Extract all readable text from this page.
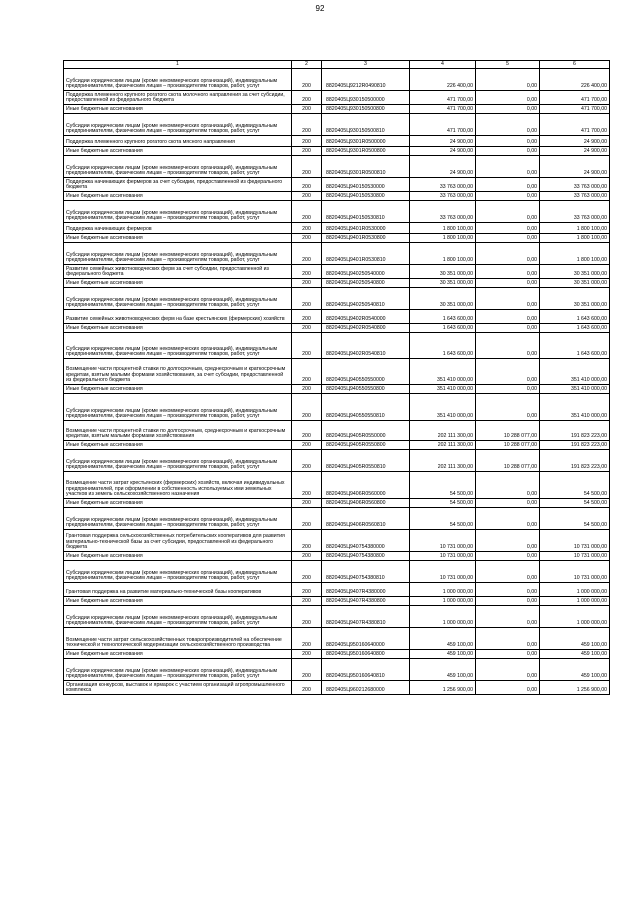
92
1	2	3	4	5	6
Субсидии юридическим лицам (кроме некоммерческих организаций), индивидуальным предпринимателям, физическим лицам – производителям товаров, работ, услуг	200	8820405Ц9212R0490810	226 400,00	0,00	226 400,00
Поддержка племенного крупного рогатого скота молочного направления за счет субсидии, предоставленной из федерального бюджета	200	8820405Ц930150500000	471 700,00	0,00	471 700,00
Иные бюджетные ассигнования	200	8820405Ц930150500800	471 700,00	0,00	471 700,00
Субсидии юридическим лицам (кроме некоммерческих организаций), индивидуальным предпринимателям, физическим лицам – производителям товаров, работ, услуг	200	8820405Ц930150500810	471 700,00	0,00	471 700,00
Поддержка племенного крупного рогатого скота мясного направления	200	8820405Ц9301R0500000	24 900,00	0,00	24 900,00
Иные бюджетные ассигнования	200	8820405Ц9301R0500800	24 900,00	0,00	24 900,00
Субсидии юридическим лицам (кроме некоммерческих организаций), индивидуальным предпринимателям, физическим лицам – производителям товаров, работ, услуг	200	8820405Ц9301R0500810	24 900,00	0,00	24 900,00
Поддержка начинающих фермеров за счет субсидии, предоставленной из федерального бюджета	200	8820405Ц940150530000	33 763 000,00	0,00	33 763 000,00
Иные бюджетные ассигнования	200	8820405Ц940150530800	33 763 000,00	0,00	33 763 000,00
Субсидии юридическим лицам (кроме некоммерческих организаций), индивидуальным предпринимателям, физическим лицам – производителям товаров, работ, услуг	200	8820405Ц940150530810	33 763 000,00	0,00	33 763 000,00
Поддержка начинающих фермеров	200	8820405Ц9401R0530000	1 800 100,00	0,00	1 800 100,00
Иные бюджетные ассигнования	200	8820405Ц9401R0530800	1 800 100,00	0,00	1 800 100,00
Субсидии юридическим лицам (кроме некоммерческих организаций), индивидуальным предпринимателям, физическим лицам – производителям товаров, работ, услуг	200	8820405Ц9401R0530810	1 800 100,00	0,00	1 800 100,00
Развитие семейных животноводческих ферм за счет субсидии, предоставленной из федерального бюджета	200	8820405Ц940250540000	30 351 000,00	0,00	30 351 000,00
Иные бюджетные ассигнования	200	8820405Ц940250540800	30 351 000,00	0,00	30 351 000,00
Субсидии юридическим лицам (кроме некоммерческих организаций), индивидуальным предпринимателям, физическим лицам – производителям товаров, работ, услуг	200	8820405Ц940250540810	30 351 000,00	0,00	30 351 000,00
Развитие семейных животноводческих ферм на базе крестьянских (фермерских) хозяйств	200	8820405Ц9402R0540000	1 643 600,00	0,00	1 643 600,00
Иные бюджетные ассигнования	200	8820405Ц9402R0540800	1 643 600,00	0,00	1 643 600,00
Субсидии юридическим лицам (кроме некоммерческих организаций), индивидуальным предпринимателям, физическим лицам – производителям товаров, работ, услуг	200	8820405Ц9402R0540810	1 643 600,00	0,00	1 643 600,00
Возмещение части процентной ставки по долгосрочным, среднесрочным и краткосрочным кредитам, взятым малыми формами хозяйствования, за счет субсидии, предоставленной из федерального бюджета	200	8820405Ц940550550000	351 410 000,00	0,00	351 410 000,00
Иные бюджетные ассигнования	200	8820405Ц940550550800	351 410 000,00	0,00	351 410 000,00
Субсидии юридическим лицам (кроме некоммерческих организаций), индивидуальным предпринимателям, физическим лицам – производителям товаров, работ, услуг	200	8820405Ц940550550810	351 410 000,00	0,00	351 410 000,00
Возмещение части процентной ставки по долгосрочным, среднесрочным и краткосрочным кредитам, взятым малыми формами хозяйствования	200	8820405Ц9405R0550000	202 111 300,00	10 288 077,00	191 823 223,00
Иные бюджетные ассигнования	200	8820405Ц9405R0550800	202 111 300,00	10 288 077,00	191 823 223,00
Субсидии юридическим лицам (кроме некоммерческих организаций), индивидуальным предпринимателям, физическим лицам – производителям товаров, работ, услуг	200	8820405Ц9405R0550810	202 111 300,00	10 288 077,00	191 823 223,00
Возмещение части затрат крестьянских (фермерских) хозяйств, включая индивидуальных предпринимателей, при оформлении в собственность используемых ими земельных участков из земель сельскохозяйственного назначения	200	8820405Ц9406R0560000	54 500,00	0,00	54 500,00
Иные бюджетные ассигнования	200	8820405Ц9406R0560800	54 500,00	0,00	54 500,00
Субсидии юридическим лицам (кроме некоммерческих организаций), индивидуальным предпринимателям, физическим лицам – производителям товаров, работ, услуг	200	8820405Ц9406R0560810	54 500,00	0,00	54 500,00
Грантовая поддержка сельскохозяйственных потребительских кооперативов для развития материально-технической базы за счет субсидии, предоставленной из федерального бюджета	200	8820405Ц940754380000	10 731 000,00	0,00	10 731 000,00
Иные бюджетные ассигнования	200	8820405Ц940754380800	10 731 000,00	0,00	10 731 000,00
Субсидии юридическим лицам (кроме некоммерческих организаций), индивидуальным предпринимателям, физическим лицам – производителям товаров, работ, услуг	200	8820405Ц940754380810	10 731 000,00	0,00	10 731 000,00
Грантовая поддержка на развитие материально-технической базы кооперативов	200	8820405Ц9407R4380000	1 000 000,00	0,00	1 000 000,00
Иные бюджетные ассигнования	200	8820405Ц9407R4380800	1 000 000,00	0,00	1 000 000,00
Субсидии юридическим лицам (кроме некоммерческих организаций), индивидуальным предпринимателям, физическим лицам – производителям товаров, работ, услуг	200	8820405Ц9407R4380810	1 000 000,00	0,00	1 000 000,00
Возмещение части затрат сельскохозяйственных товаропроизводителей на обеспечение технической и технологической модернизации сельскохозяйственного производства	200	8820405Ц950160640000	459 100,00	0,00	459 100,00
Иные бюджетные ассигнования	200	8820405Ц950160640800	459 100,00	0,00	459 100,00
Субсидии юридическим лицам (кроме некоммерческих организаций), индивидуальным предпринимателям, физическим лицам – производителям товаров, работ, услуг	200	8820405Ц950160640810	459 100,00	0,00	459 100,00
Организация конкурсов, выставок и ярмарок с участием организаций агропромышленного комплекса	200	8820405Ц960212680000	1 256 900,00	0,00	1 256 900,00
